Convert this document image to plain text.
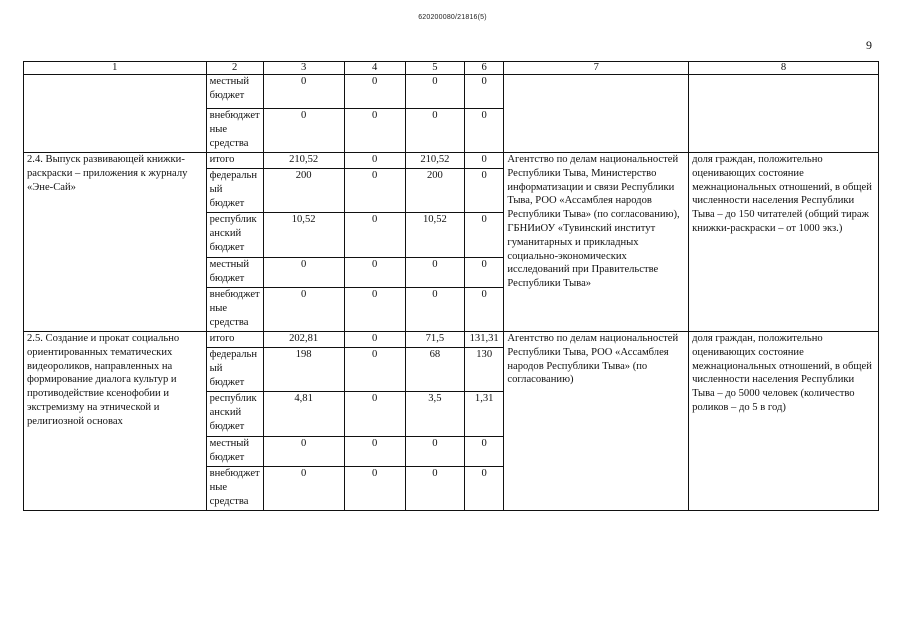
620200080/21816(5)
9
1	2	3	4	5	6	7	8
	местный бюджет	0	0	0	0		
	внебюджетные средства	0	0	0	0		
2.4. Выпуск развивающей книжки-раскраски – приложения к журналу «Эне-Сай»	итого	210,52	0	210,52	0	Агентство по делам национальностей Республики Тыва, Министерство информатизации и связи Республики Тыва, РОО «Ассамблея народов Республики Тыва» (по согласованию), ГБНИиОУ «Тувинский институт гуманитарных и прикладных социально-экономических исследований при Правительстве Республики Тыва»	доля граждан, положительно оценивающих состояние межнациональных отношений, в общей численности населения Республики Тыва – до 150 читателей (общий тираж книжки-раскраски – от 1000 экз.)
	федеральный бюджет	200	0	200	0		
	республиканский бюджет	10,52	0	10,52	0		
	местный бюджет	0	0	0	0		
	внебюджетные средства	0	0	0	0		
2.5. Создание и прокат социально ориентированных тематических видеороликов, направленных на формирование диалога культур и противодействие ксенофобии и экстремизму на этнической и религиозной основах	итого	202,81	0	71,5	131,31	Агентство по делам национальностей Республики Тыва, РОО «Ассамблея народов Республики Тыва» (по согласованию)	доля граждан, положительно оценивающих состояние межнациональных отношений, в общей численности населения Республики Тыва – до 5000 человек (количество роликов – до 5 в год)
	федеральный бюджет	198	0	68	130		
	республиканский бюджет	4,81	0	3,5	1,31		
	местный бюджет	0	0	0	0		
	внебюджетные средства	0	0	0	0		
